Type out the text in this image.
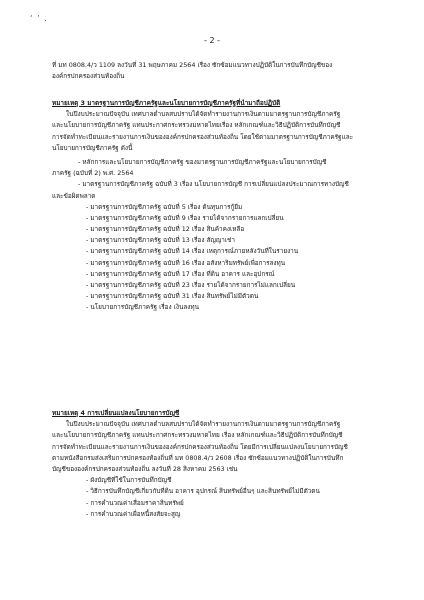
‘ ’ .
- 2 -
ที่ มท 0808.4/ว 1109 ลงวันที่ 31 พฤษภาคม 2564 เรื่อง ซักซ้อมแนวทางปฏิบัติในการบันทึกบัญชีของ
องค์กรปกครองส่วนท้องถิ่น
หมายเหตุ 3 มาตรฐานการบัญชีภาครัฐและนโยบายการบัญชีภาครัฐที่นำมาถือปฏิบัติ
ในปีงบประมาณปัจจุบัน เทศบาลตำบลสบปราบได้จัดทำรายงานการเงินตามมาตรฐานการบัญชีภาครัฐ
และนโยบายการบัญชีภาครัฐ แทนประกาศกระทรวงมหาดไทยเรื่อง หลักเกณฑ์และวิธีปฏิบัติการบันทึกบัญชี
การจัดทำทะเบียนและรายงานการเงินขององค์กรปกครองส่วนท้องถิ่น โดยใช้ตามมาตรฐานการบัญชีภาครัฐและ
นโยบายการบัญชีภาครัฐ ดังนี้
- หลักการและนโยบายการบัญชีภาครัฐ ของมาตรฐานการบัญชีภาครัฐและนโยบายการบัญชี
ภาครัฐ (ฉบับที่ 2) พ.ศ. 2564
- มาตรฐานการบัญชีภาครัฐ ฉบับที่ 3 เรื่อง นโยบายการบัญชี การเปลี่ยนแปลงประมาณการทางบัญชี
และข้อผิดพลาด
- มาตรฐานการบัญชีภาครัฐ ฉบับที่ 5 เรื่อง ต้นทุนการกู้ยืม
- มาตรฐานการบัญชีภาครัฐ ฉบับที่ 9 เรื่อง รายได้จากรายการแลกเปลี่ยน
- มาตรฐานการบัญชีภาครัฐ ฉบับที่ 12 เรื่อง สินค้าคงเหลือ
- มาตรฐานการบัญชีภาครัฐ ฉบับที่ 13 เรื่อง สัญญาเช่า
- มาตรฐานการบัญชีภาครัฐ ฉบับที่ 14 เรื่อง เหตุการณ์ภายหลังวันที่ในรายงาน
- มาตรฐานการบัญชีภาครัฐ ฉบับที่ 16 เรื่อง อสังหาริมทรัพย์เพื่อการลงทุน
- มาตรฐานการบัญชีภาครัฐ ฉบับที่ 17 เรื่อง ที่ดิน อาคาร และอุปกรณ์
- มาตรฐานการบัญชีภาครัฐ ฉบับที่ 23 เรื่อง รายได้จากรายการไม่แลกเปลี่ยน
- มาตรฐานการบัญชีภาครัฐ ฉบับที่ 31 เรื่อง สินทรัพย์ไม่มีตัวตน
- นโยบายการบัญชีภาครัฐ เรื่อง เงินลงทุน
หมายเหตุ 4 การเปลี่ยนแปลงนโยบายการบัญชี
ในปีงบประมาณปัจจุบัน เทศบาลตำบลสบปราบได้จัดทำรายงานการเงินตามมาตรฐานการบัญชีภาครัฐ
และนโยบายการบัญชีภาครัฐ แทนประกาศกระทรวงมหาดไทย เรื่อง หลักเกณฑ์และวิธีปฏิบัติการบันทึกบัญชี
การจัดทำทะเบียนและรายงานการเงินขององค์กรปกครองส่วนท้องถิ่น โดยมีการเปลี่ยนแปลงนโยบายการบัญชี
ตามหนังสือกรมส่งเสริมการปกครองท้องถิ่นที่ มท 0808.4/ว 2608 เรื่อง ซักซ้อมแนวทางปฏิบัติในการบันทึก
บัญชีขององค์กรปกครองส่วนท้องถิ่น ลงวันที่ 28 สิงหาคม 2563 เช่น
- ผังบัญชีที่ใช้ในการบันทึกบัญชี
- วิธีการบันทึกบัญชีเกี่ยวกับที่ดิน อาคาร อุปกรณ์ สินทรัพย์อื่นๆ และสินทรัพย์ไม่มีตัวตน
- การคำนวณค่าเสื่อมราคาสินทรัพย์
- การคำนวณค่าเผื่อหนี้สงสัยจะสูญ
